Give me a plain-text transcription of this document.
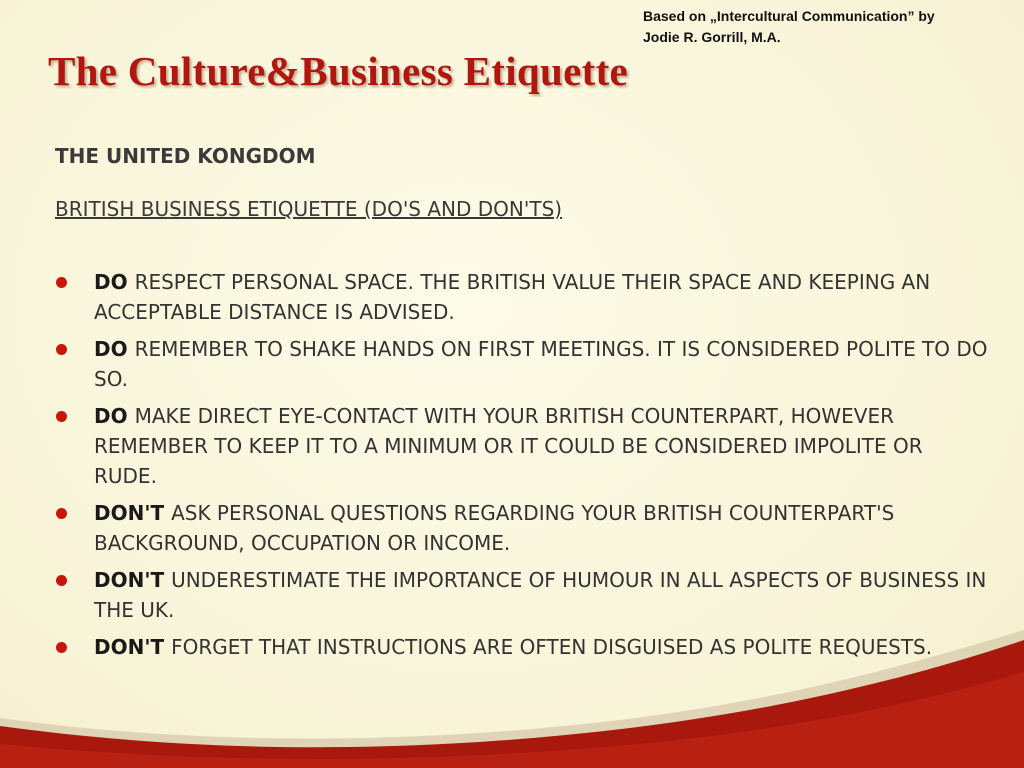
Based on „Intercultural Communication” by
Jodie R. Gorrill, M.A.
The Culture&Business Etiquette
THE UNITED KONGDOM
BRITISH BUSINESS ETIQUETTE (DO'S AND DON'TS)
DO RESPECT PERSONAL SPACE. THE BRITISH VALUE THEIR SPACE AND KEEPING AN ACCEPTABLE DISTANCE IS ADVISED.
DO REMEMBER TO SHAKE HANDS ON FIRST MEETINGS. IT IS CONSIDERED POLITE TO DO SO.
DO MAKE DIRECT EYE-CONTACT WITH YOUR BRITISH COUNTERPART, HOWEVER REMEMBER TO KEEP IT TO A MINIMUM OR IT COULD BE CONSIDERED IMPOLITE OR RUDE.
DON'T ASK PERSONAL QUESTIONS REGARDING YOUR BRITISH COUNTERPART'S BACKGROUND, OCCUPATION OR INCOME.
DON'T UNDERESTIMATE THE IMPORTANCE OF HUMOUR IN ALL ASPECTS OF BUSINESS IN THE UK.
DON'T FORGET THAT INSTRUCTIONS ARE OFTEN DISGUISED AS POLITE REQUESTS.
